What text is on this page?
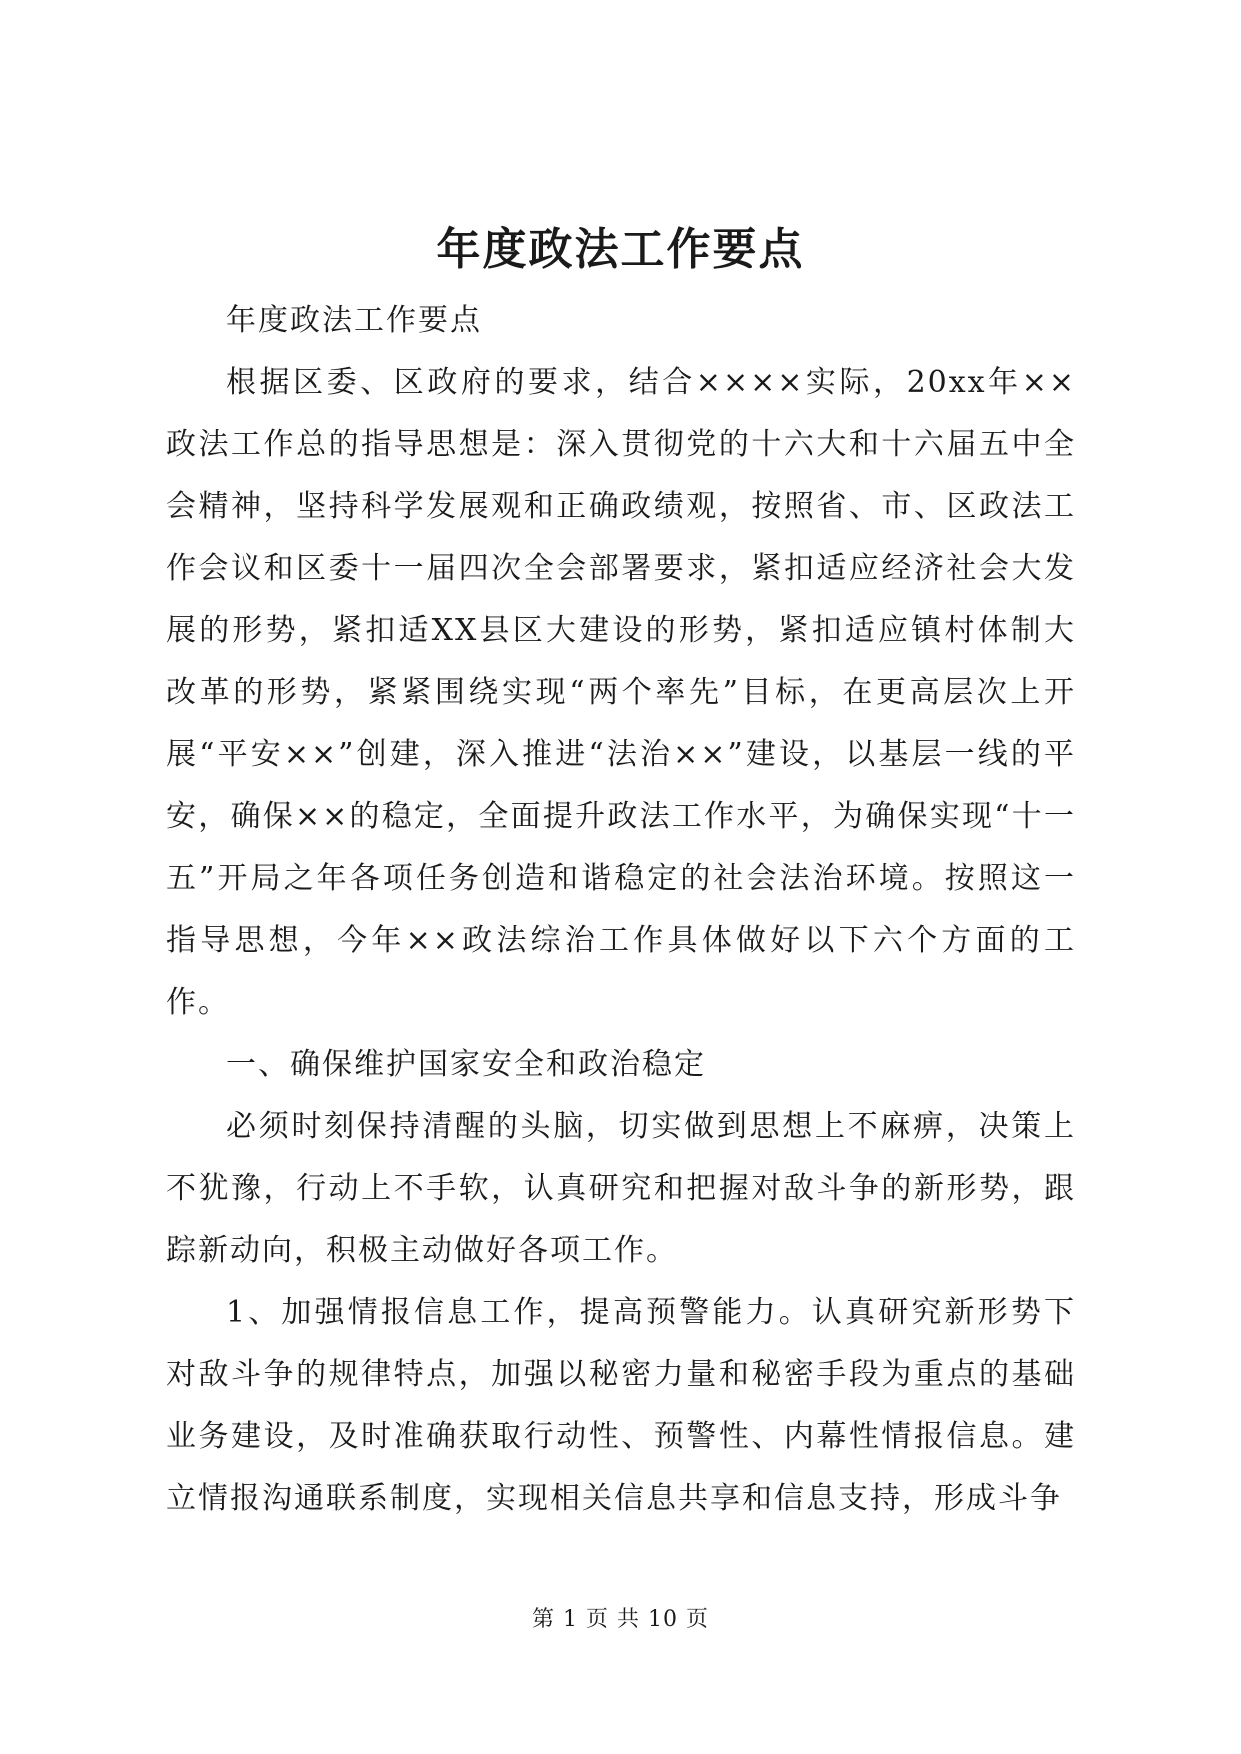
年度政法工作要点

年度政法工作要点

根据区委、区政府的要求，结合××××实际，20xx年××政法工作总的指导思想是：深入贯彻党的十六大和十六届五中全会精神，坚持科学发展观和正确政绩观，按照省、市、区政法工作会议和区委十一届四次全会部署要求，紧扣适应经济社会大发展的形势，紧扣适XX县区大建设的形势，紧扣适应镇村体制大改革的形势，紧紧围绕实现“两个率先”目标，在更高层次上开展“平安××”创建，深入推进“法治××”建设，以基层一线的平安，确保××的稳定，全面提升政法工作水平，为确保实现“十一五”开局之年各项任务创造和谐稳定的社会法治环境。按照这一指导思想，今年××政法综治工作具体做好以下六个方面的工作。

一、确保维护国家安全和政治稳定

必须时刻保持清醒的头脑，切实做到思想上不麻痹，决策上不犹豫，行动上不手软，认真研究和把握对敌斗争的新形势，跟踪新动向，积极主动做好各项工作。

1、加强情报信息工作，提高预警能力。认真研究新形势下对敌斗争的规律特点，加强以秘密力量和秘密手段为重点的基础业务建设，及时准确获取行动性、预警性、内幕性情报信息。建立情报沟通联系制度，实现相关信息共享和信息支持，形成斗争

第 1 页 共 10 页
